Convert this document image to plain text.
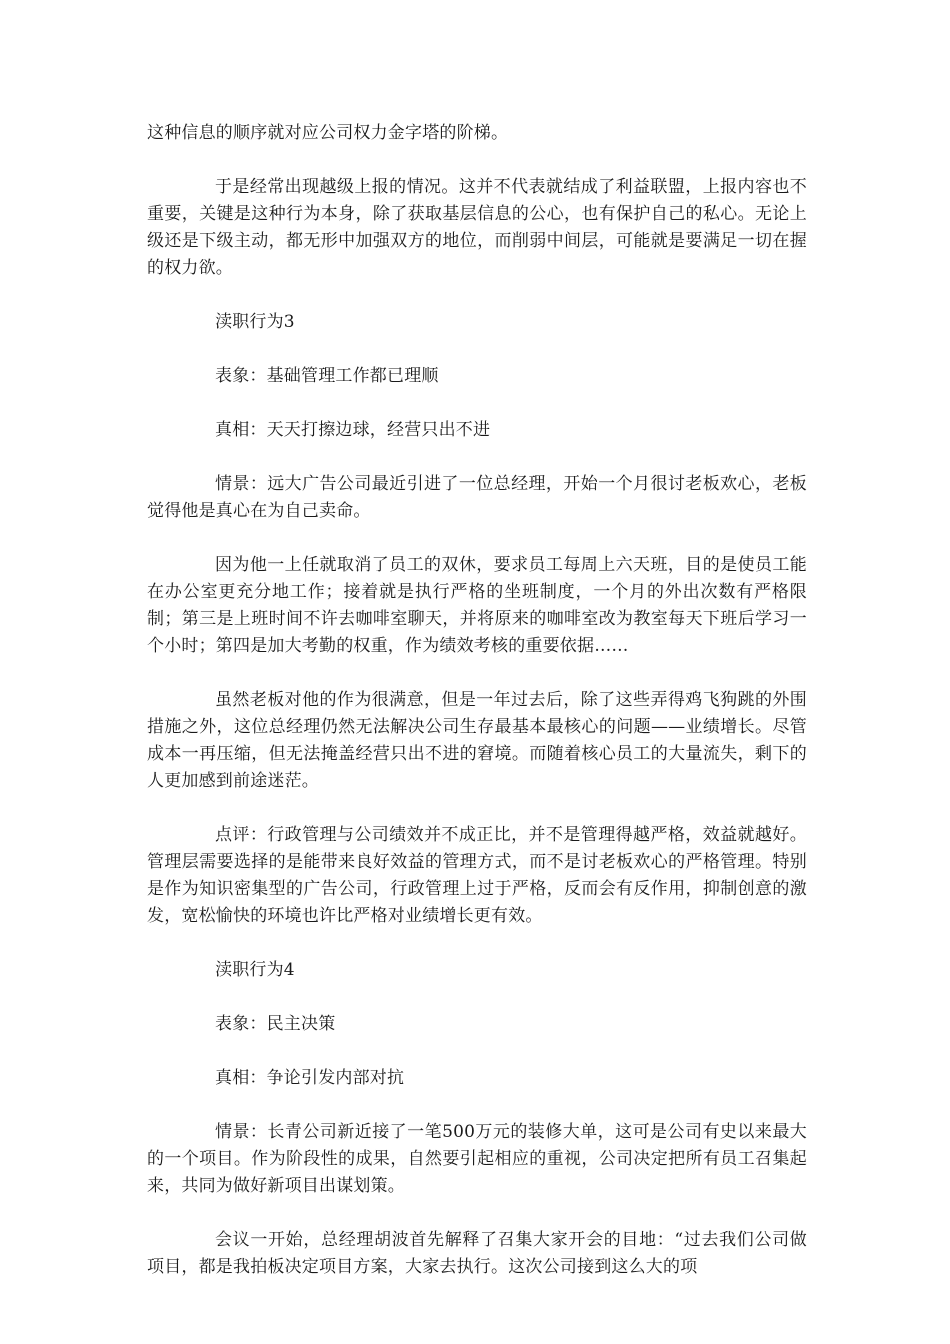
这种信息的顺序就对应公司权力金字塔的阶梯。

于是经常出现越级上报的情况。这并不代表就结成了利益联盟，上报内容也不重要，关键是这种行为本身，除了获取基层信息的公心，也有保护自己的私心。无论上级还是下级主动，都无形中加强双方的地位，而削弱中间层，可能就是要满足一切在握的权力欲。

渎职行为3

表象：基础管理工作都已理顺

真相：天天打擦边球，经营只出不进

情景：远大广告公司最近引进了一位总经理，开始一个月很讨老板欢心，老板觉得他是真心在为自己卖命。

因为他一上任就取消了员工的双休，要求员工每周上六天班，目的是使员工能在办公室更充分地工作；接着就是执行严格的坐班制度，一个月的外出次数有严格限制；第三是上班时间不许去咖啡室聊天，并将原来的咖啡室改为教室每天下班后学习一个小时；第四是加大考勤的权重，作为绩效考核的重要依据……

虽然老板对他的作为很满意，但是一年过去后，除了这些弄得鸡飞狗跳的外围措施之外，这位总经理仍然无法解决公司生存最基本最核心的问题——业绩增长。尽管成本一再压缩，但无法掩盖经营只出不进的窘境。而随着核心员工的大量流失，剩下的人更加感到前途迷茫。

点评：行政管理与公司绩效并不成正比，并不是管理得越严格，效益就越好。管理层需要选择的是能带来良好效益的管理方式，而不是讨老板欢心的严格管理。特别是作为知识密集型的广告公司，行政管理上过于严格，反而会有反作用，抑制创意的激发，宽松愉快的环境也许比严格对业绩增长更有效。

渎职行为4

表象：民主决策

真相：争论引发内部对抗

情景：长青公司新近接了一笔500万元的装修大单，这可是公司有史以来最大的一个项目。作为阶段性的成果，自然要引起相应的重视，公司决定把所有员工召集起来，共同为做好新项目出谋划策。

会议一开始，总经理胡波首先解释了召集大家开会的目地：“过去我们公司做项目，都是我拍板决定项目方案，大家去执行。这次公司接到这么大的项
